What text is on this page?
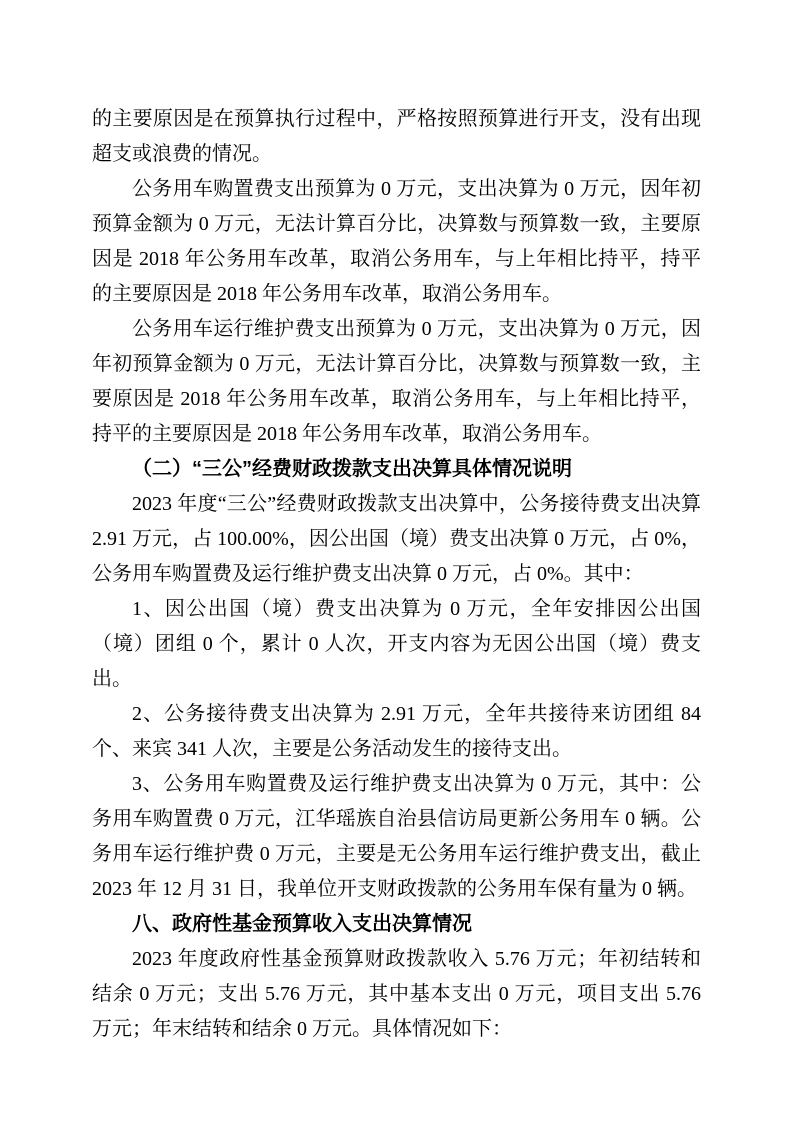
的主要原因是在预算执行过程中，严格按照预算进行开支，没有出现超支或浪费的情况。

公务用车购置费支出预算为 0 万元，支出决算为 0 万元，因年初预算金额为 0 万元，无法计算百分比，决算数与预算数一致，主要原因是 2018 年公务用车改革，取消公务用车，与上年相比持平，持平的主要原因是 2018 年公务用车改革，取消公务用车。

公务用车运行维护费支出预算为 0 万元，支出决算为 0 万元，因年初预算金额为 0 万元，无法计算百分比，决算数与预算数一致，主要原因是 2018 年公务用车改革，取消公务用车，与上年相比持平，持平的主要原因是 2018 年公务用车改革，取消公务用车。

（二）“三公”经费财政拨款支出决算具体情况说明

2023 年度“三公”经费财政拨款支出决算中，公务接待费支出决算 2.91 万元，占 100.00%，因公出国（境）费支出决算 0 万元，占 0%，公务用车购置费及运行维护费支出决算 0 万元，占 0%。其中：

1、因公出国（境）费支出决算为 0 万元，全年安排因公出国（境）团组 0 个，累计 0 人次，开支内容为无因公出国（境）费支出。

2、公务接待费支出决算为 2.91 万元，全年共接待来访团组 84 个、来宾 341 人次，主要是公务活动发生的接待支出。

3、公务用车购置费及运行维护费支出决算为 0 万元，其中：公务用车购置费 0 万元，江华瑶族自治县信访局更新公务用车 0 辆。公务用车运行维护费 0 万元，主要是无公务用车运行维护费支出，截止 2023 年 12 月 31 日，我单位开支财政拨款的公务用车保有量为 0 辆。

八、政府性基金预算收入支出决算情况

2023 年度政府性基金预算财政拨款收入 5.76 万元；年初结转和结余 0 万元；支出 5.76 万元，其中基本支出 0 万元，项目支出 5.76 万元；年末结转和结余 0 万元。具体情况如下：
